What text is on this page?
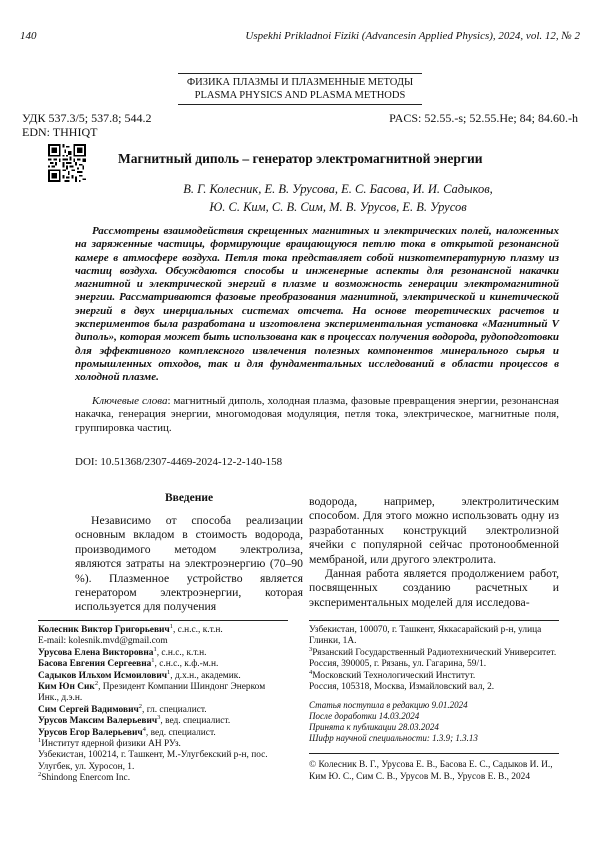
140	Uspekhi Prikladnoi Fiziki (Advancesin Applied Physics), 2024, vol. 12, № 2
ФИЗИКА ПЛАЗМЫ И ПЛАЗМЕННЫЕ МЕТОДЫ
PLASMA PHYSICS AND PLASMA METHODS
УДК 537.3/5; 537.8; 544.2
EDN: THHIQT
PACS: 52.55.-s; 52.55.He; 84; 84.60.-h
Магнитный диполь – генератор электромагнитной энергии
В. Г. Колесник, Е. В. Урусова, Е. С. Басова, И. И. Садыков,
Ю. С. Ким, С. В. Сим, М. В. Урусов, Е. В. Урусов
Рассмотрены взаимодействия скрещенных магнитных и электрических полей, наложенных на заряженные частицы, формирующие вращающуюся петлю тока в открытой резонансной камере в атмосфере воздуха. Петля тока представляет собой низкотемпературную плазму из частиц воздуха. Обсуждаются способы и инженерные аспекты для резонансной накачки магнитной и электрической энергий в плазме и возможность генерации электромагнитной энергии. Рассматриваются фазовые преобразования магнитной, электрической и кинетической энергий в двух инерциальных системах отсчета. На основе теоретических расчетов и экспериментов была разработана и изготовлена экспериментальная установка «Магнитный V диполь», которая может быть использована как в процессах получения водорода, рудоподготовки для эффективного комплексного извлечения полезных компонентов минерального сырья и промышленных отходов, так и для фундаментальных исследований в области процессов в холодной плазме.
Ключевые слова: магнитный диполь, холодная плазма, фазовые превращения энергии, резонансная накачка, генерация энергии, многомодовая модуляция, петля тока, электрическое, магнитные поля, группировка частиц.
DOI: 10.51368/2307-4469-2024-12-2-140-158
Введение

Независимо от способа реализации основным вкладом в стоимость водорода, производимого методом электролиза, являются затраты на электроэнергию (70–90 %). Плазменное устройство является генератором электроэнергии, которая используется для получения

водорода, например, электролитическим способом. Для этого можно использовать одну из разработанных конструкций электролизной ячейки с популярной сейчас протонообменной мембраной, или другого электролита.

Данная работа является продолжением работ, посвященных созданию расчетных и экспериментальных моделей для исследова-

Колесник Виктор Григорьевич$^1$, с.н.с., к.т.н.
E-mail: kolesnik.mvd@gmail.com
Урусова Елена Викторовна$^1$, с.н.с., к.т.н.
Басова Евгения Сергеевна$^1$, с.н.с., к.ф.-м.н.
Садыков Ильхом Исмоилович$^1$, д.х.н., академик.
Ким Юн Сик$^2$, Президент Компании Шиндонг Энерком Инк., д.э.н.
Сим Сергей Вадимович$^2$, гл. специалист.
Урусов Максим Валерьевич$^3$, вед. специалист.
Урусов Егор Валерьевич$^4$, вед. специалист.
$^1$Институт ядерной физики АН РУз.
Узбекистан, 100214, г. Ташкент, М.-Улугбекский р-н, пос. Улугбек, ул. Хуросон, 1.
$^2$Shindong Enercom Inc.
Узбекистан, 100070, г. Ташкент, Яккасарайский р-н, улица Глинки, 1А.
$^3$Рязанский Государственный Радиотехнический Университет.
Россия, 390005, г. Рязань, ул. Гагарина, 59/1.
$^4$Московский Технологический Институт.
Россия, 105318, Москва, Измайловский вал, 2.
Статья поступила в редакцию 9.01.2024
После доработки 14.03.2024
Принята к публикации 28.03.2024
Шифр научной специальности: 1.3.9; 1.3.13
© Колесник В. Г., Урусова Е. В., Басова Е. С., Садыков И. И., Ким Ю. С., Сим С. В., Урусов М. В., Урусов Е. В., 2024
